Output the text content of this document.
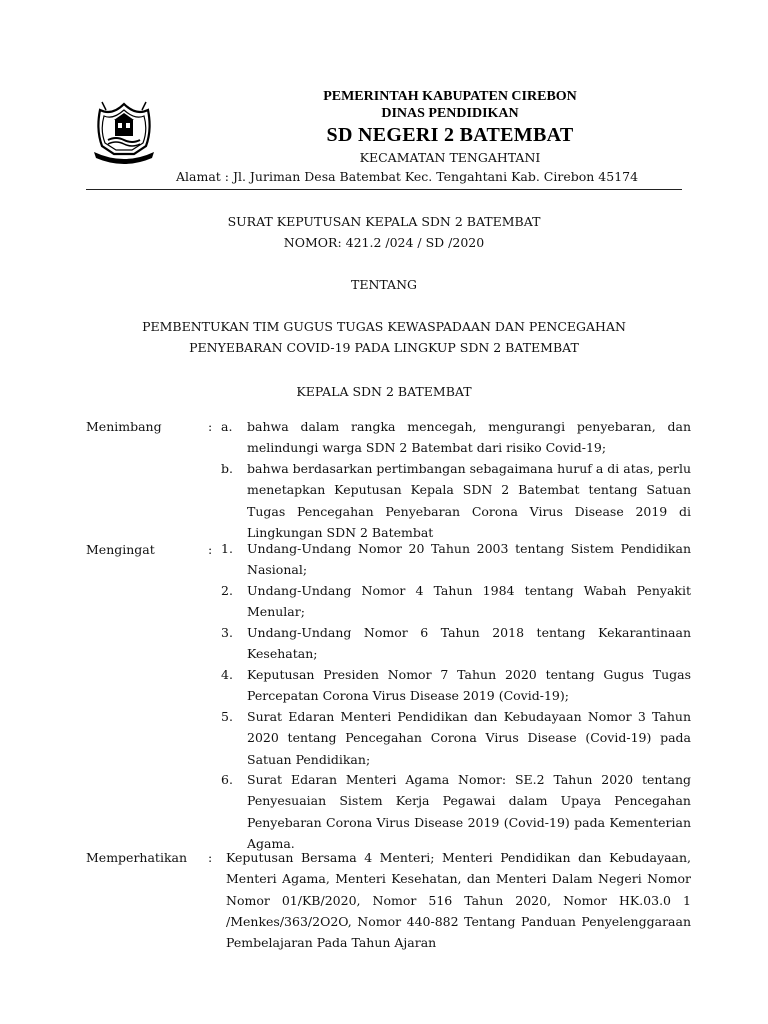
PEMERINTAH KABUPATEN CIREBON
DINAS PENDIDIKAN
SD NEGERI 2 BATEMBAT
KECAMATAN TENGAHTANI
Alamat : Jl. Juriman Desa Batembat Kec. Tengahtani Kab. Cirebon 45174
SURAT KEPUTUSAN KEPALA SDN 2 BATEMBAT
NOMOR: 421.2 /024 / SD /2020
TENTANG
PEMBENTUKAN TIM GUGUS TUGAS KEWASPADAAN DAN PENCEGAHAN
PENYEBARAN COVID-19 PADA LINGKUP SDN 2 BATEMBAT
KEPALA SDN 2 BATEMBAT
Menimbang	: a. bahwa dalam rangka mencegah, mengurangi penyebaran, dan melindungi warga SDN 2 Batembat dari risiko Covid-19;
b. bahwa berdasarkan pertimbangan sebagaimana huruf a di atas, perlu menetapkan Keputusan Kepala SDN 2 Batembat tentang Satuan Tugas Pencegahan Penyebaran Corona Virus Disease 2019 di Lingkungan SDN 2 Batembat
Mengingat	: 1. Undang-Undang Nomor 20 Tahun 2003 tentang Sistem Pendidikan Nasional;
2. Undang-Undang Nomor 4 Tahun 1984 tentang Wabah Penyakit Menular;
3. Undang-Undang Nomor 6 Tahun 2018 tentang Kekarantinaan Kesehatan;
4. Keputusan Presiden Nomor 7 Tahun 2020 tentang Gugus Tugas Percepatan Corona Virus Disease 2019 (Covid-19);
5. Surat Edaran Menteri Pendidikan dan Kebudayaan Nomor 3 Tahun 2020 tentang Pencegahan Corona Virus Disease (Covid-19) pada Satuan Pendidikan;
6. Surat Edaran Menteri Agama Nomor: SE.2 Tahun 2020 tentang Penyesuaian Sistem Kerja Pegawai dalam Upaya Pencegahan Penyebaran Corona Virus Disease 2019 (Covid-19) pada Kementerian Agama.
Memperhatikan : Keputusan Bersama 4 Menteri; Menteri Pendidikan dan Kebudayaan, Menteri Agama, Menteri Kesehatan, dan Menteri Dalam Negeri Nomor Nomor 01/KB/2020, Nomor 516 Tahun 2020, Nomor HK.03.0 1 /Menkes/363/2O2O, Nomor 440-882 Tentang Panduan Penyelenggaraan Pembelajaran Pada Tahun Ajaran
